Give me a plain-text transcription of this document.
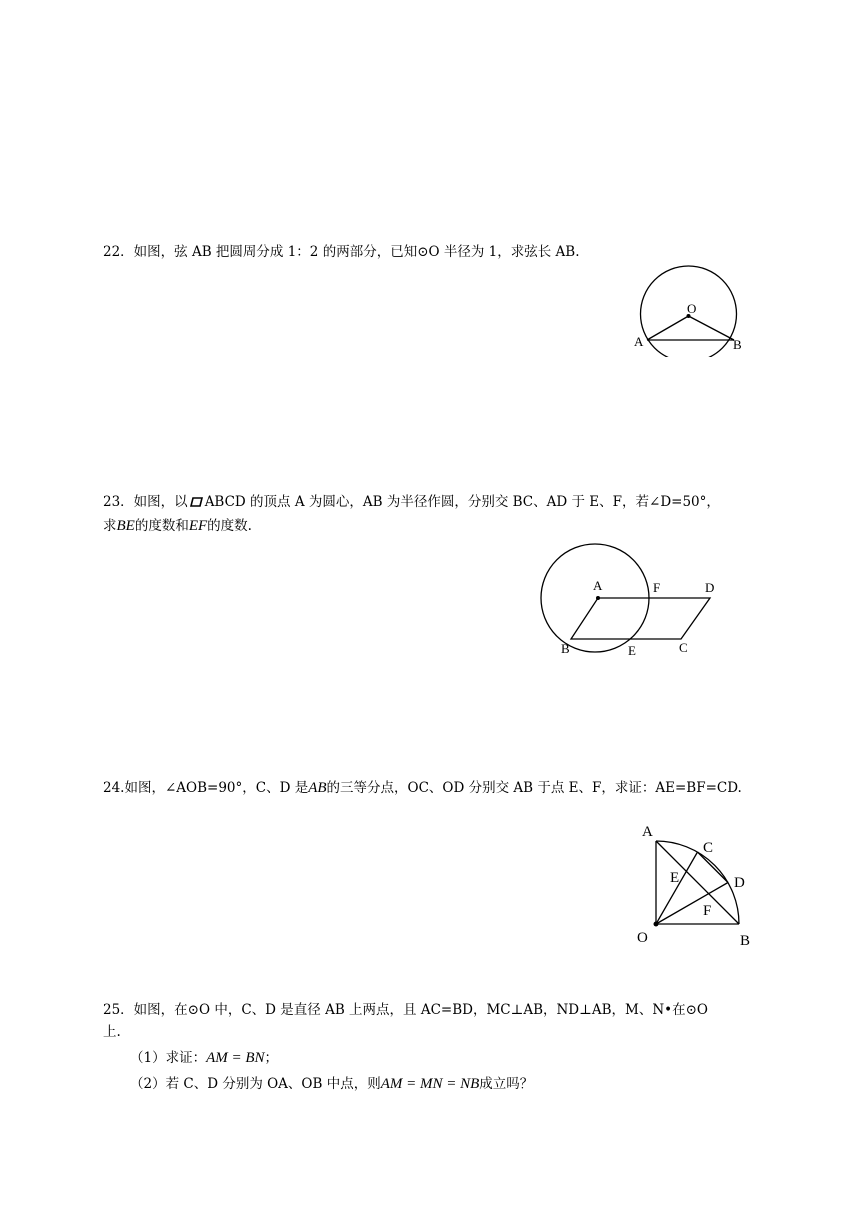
22．如图，弦 AB 把圆周分成 1：2 的两部分，已知⊙O 半径为 1，求弦长 AB.
O
A	B
23．如图，以 ABCD 的顶点 A 为圆心，AB 为半径作圆，分别交 BC、AD 于 E、F，若∠D=50°，
求BE的度数和EF的度数.
A	F	D
B	E	C
24.如图，∠AOB=90°，C、D 是AB的三等分点，OC、OD 分别交 AB 于点 E、F，求证：AE=BF=CD.
A
C
E	D
F
O	B
25．如图，在⊙O 中，C、D 是直径 AB 上两点，且 AC=BD，MC⊥AB，ND⊥AB，M、N•在⊙O
上.
（1）求证：AM = BN；
（2）若 C、D 分别为 OA、OB 中点，则AM = MN = NB成立吗？
